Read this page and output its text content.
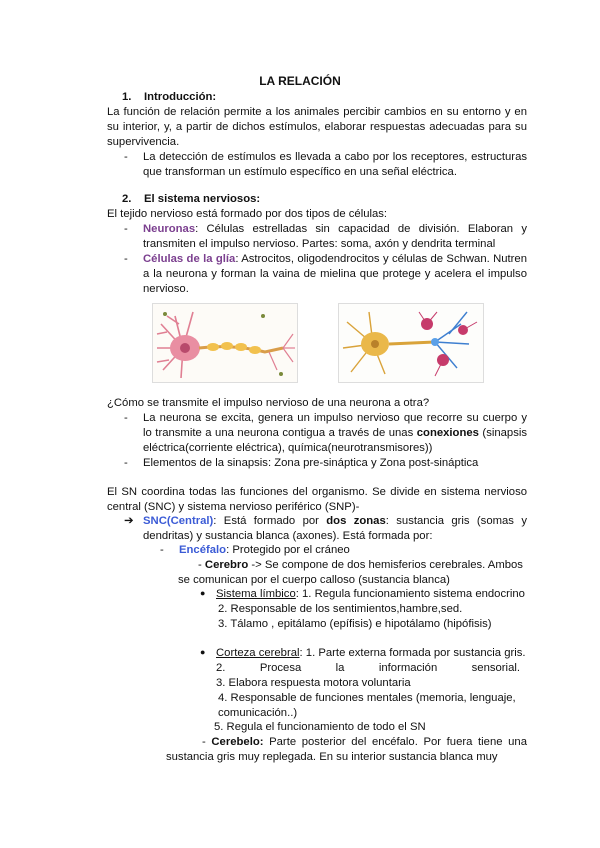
LA RELACIÓN
1. Introducción:
La función de relación permite a los animales percibir cambios en su entorno y en su interior, y, a partir de dichos estímulos, elaborar respuestas adecuadas para su supervivencia.
- La detección de estímulos es llevada a cabo por los receptores, estructuras que transforman un estímulo específico en una señal eléctrica.
2. El sistema nerviosos:
El tejido nervioso está formado por dos tipos de células:
- Neuronas: Células estrelladas sin capacidad de división. Elaboran y transmiten el impulso nervioso. Partes: soma, axón y dendrita terminal
- Células de la glía: Astrocitos, oligodendrocitos y células de Schwan. Nutren a la neurona y forman la vaina de mielina que protege y acelera el impulso nervioso.
¿Cómo se transmite el impulso nervioso de una neurona a otra?
- La neurona se excita, genera un impulso nervioso que recorre su cuerpo y lo transmite a una neurona contigua a través de unas conexiones (sinapsis eléctrica(corriente eléctrica), química(neurotransmisores))
- Elementos de la sinapsis: Zona pre-sináptica y Zona post-sináptica
El SN coordina todas las funciones del organismo. Se divide en sistema nervioso central (SNC) y sistema nervioso periférico (SNP)-
➔ SNC(Central): Está formado por dos zonas: sustancia gris (somas y dendritas) y sustancia blanca (axones). Está formada por:
- Encéfalo: Protegido por el cráneo
- Cerebro -> Se compone de dos hemisferios cerebrales. Ambos se comunican por el cuerpo calloso (sustancia blanca)
● Sistema límbico: 1. Regula funcionamiento sistema endocrino
2. Responsable de los sentimientos,hambre,sed.
3. Tálamo , epitálamo (epífisis) e hipotálamo (hipófisis)
● Corteza cerebral: 1. Parte externa formada por sustancia gris.
2. Procesa la información sensorial.
3. Elabora respuesta motora voluntaria
4. Responsable de funciones mentales (memoria, lenguaje, comunicación..)
5. Regula el funcionamiento de todo el SN
- Cerebelo: Parte posterior del encéfalo. Por fuera tiene una sustancia gris muy replegada. En su interior sustancia blanca muy
